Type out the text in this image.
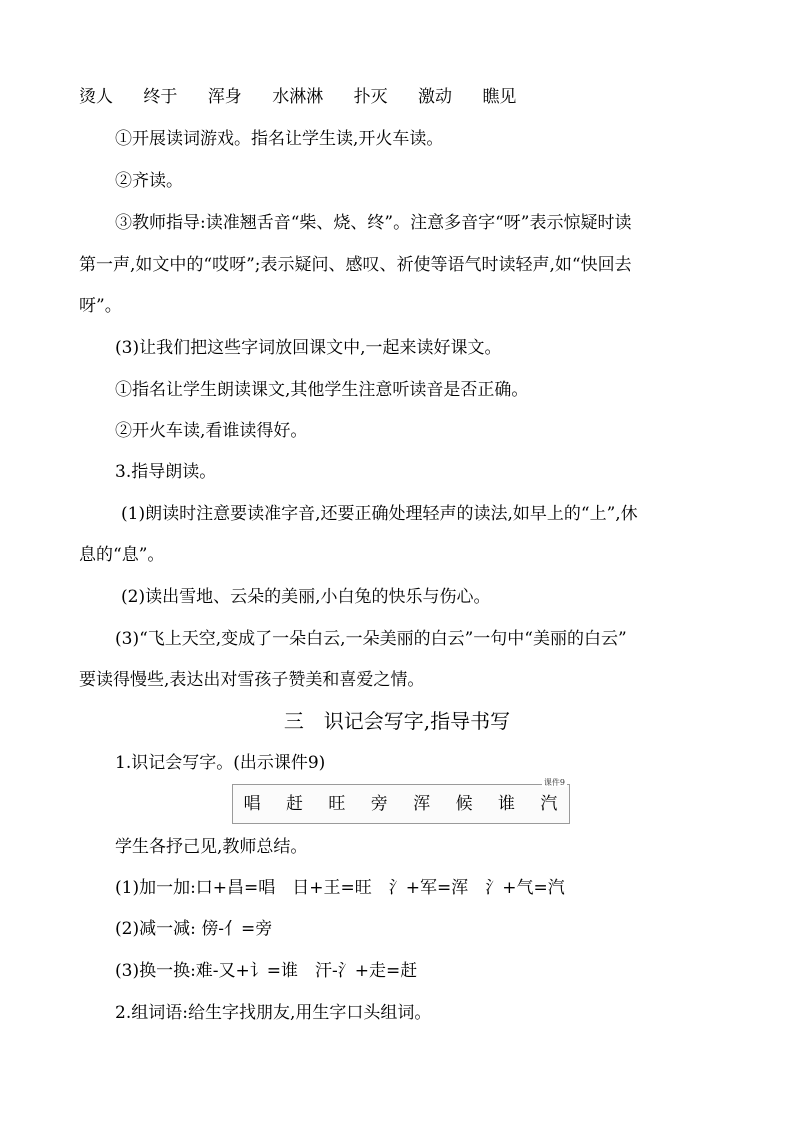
烫人 终于 浑身 水淋淋 扑灭 激动 瞧见
①开展读词游戏。指名让学生读,开火车读。
②齐读。
③教师指导:读准翘舌音“柴、烧、终”。注意多音字“呀”表示惊疑时读
第一声,如文中的“哎呀”;表示疑问、感叹、祈使等语气时读轻声,如“快回去
呀”。
(3)让我们把这些字词放回课文中,一起来读好课文。
①指名让学生朗读课文,其他学生注意听读音是否正确。
②开火车读,看谁读得好。
3.指导朗读。
(1)朗读时注意要读准字音,还要正确处理轻声的读法,如早上的“上”,休
息的“息”。
(2)读出雪地、云朵的美丽,小白兔的快乐与伤心。
(3)“飞上天空,变成了一朵白云,一朵美丽的白云”一句中“美丽的白云”
要读得慢些,表达出对雪孩子赞美和喜爱之情。
三　识记会写字,指导书写
1.识记会写字。(出示课件9)
课件9
唱 赶 旺 旁 浑 候 谁 汽
学生各抒己见,教师总结。
(1)加一加:口+昌=唱　日+王=旺　氵+军=浑　氵+气=汽
(2)减一减: 傍-亻=旁
(3)换一换:难-又+讠=谁　汗-氵+走=赶
2.组词语:给生字找朋友,用生字口头组词。
